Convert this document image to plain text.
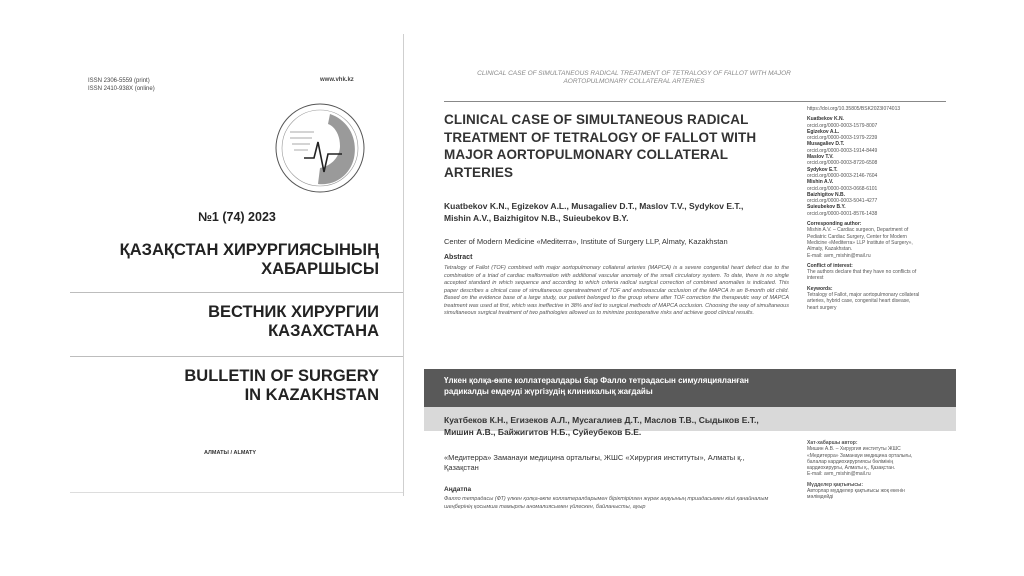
ISSN 2306-5559 (print)
ISSN 2410-938X (online)
www.vhk.kz
№1 (74) 2023
ҚАЗАҚСТАН ХИРУРГИЯСЫНЫҢ
ХАБАРШЫСЫ
ВЕСТНИК ХИРУРГИИ
КАЗАХСТАНА
BULLETIN OF SURGERY
IN KAZAKHSTAN
АЛМАТЫ / ALMATY
CLINICAL CASE OF SIMULTANEOUS RADICAL TREATMENT OF TETRALOGY OF FALLOT WITH MAJOR
AORTOPULMONARY COLLATERAL ARTERIES
CLINICAL CASE OF SIMULTANEOUS RADICAL
TREATMENT OF TETRALOGY OF FALLOT WITH
MAJOR AORTOPULMONARY COLLATERAL
ARTERIES
Kuatbekov K.N., Egizekov A.L., Musagaliev D.T., Maslov T.V., Sydykov E.T.,
Mishin A.V., Baizhigitov N.B., Suieubekov B.Y.
Center of Modern Medicine «Mediterra», Institute of Surgery LLP, Almaty, Kazakhstan
Abstract
Tetralogy of Fallot (TOF) combined with major aortopulmonary collateral arteries (MAPCA) is a severe congenital heart defect due to the combination of a triad of cardiac malformation with additional vascular anomaly of the small circulatory system. To date, there is no single accepted standard in which sequence and according to which criteria radical surgical correction of combined anomalies is indicated. This paper describes a clinical case of simultaneous operatreatment of TOF and endovascular occlusion of the MAPCA in an 8-month old child. Based on the evidence base of a large study, our patient belonged to the group where after TOF correction the therapeutic way of MAPCA treatment was used at first, which was ineffective in 38% and led to surgical methods of MAPCA occlusion. Choosing the way of simultaneous simultaneous surgical treatment of two pathologies allowed us to minimize postoperative risks and achieve good clinical results.
https://doi.org/10.35805/BSK2023I074013
Kuatbekov K.N.
orcid.org/0000-0003-1579-8007
Egizekov A.L.
orcid.org/0000-0003-1979-2239
Musagaliev D.T.
orcid.org/0000-0003-1914-8449
Maslov T.V.
orcid.org/0000-0003-8720-6508
Sydykov E.T.
orcid.org/0000-0003-2146-7604
Mishin A.V.
orcid.org/0000-0003-0668-6101
Baizhigitov N.B.
orcid.org/0000-0003-5041-4277
Suieubekov B.Y.
orcid.org/0000-0001-8576-1438
Corresponding author:
Mishin A.V. – Cardiac surgeon, Department of Pediatric Cardiac Surgery, Center for Modern Medicine «Mediterra» LLP Institute of Surgery», Almaty, Kazakhstan.
E-mail: avm_mishin@mail.ru
Conflict of interest:
The authors declare that they have no conflicts of interest
Keywords:
Tetralogy of Fallot, major aortopulmonary collateral arteries, hybrid case, congenital heart disease, heart surgery
Үлкен қолқа-өкпе коллатералдары бар Фалло тетрадасын симуляцияланған
радикалды емдеуді жүргізудің клиникалық жағдайы
Куатбеков К.Н., Егизеков А.Л., Мусагалиев Д.Т., Маслов Т.В., Сыдыков Е.Т.,
Мишин А.В., Байжигитов Н.Б., Суйеубеков Б.Е.
«Медитерра» Заманауи медицина орталығы, ЖШС «Хирургия институты», Алматы қ.,
Қазақстан
Аңдатпа
Фалло тетрадасы (ФТ) үлкен қолқа-өкпе коллатералдарымен біріктірілген жүрек ақауының триадасымен кіші қанайналым шеңберінің қосымша тамырлы аномалиясымен үйлескен, байланысты, ауыр
Хат-хабаршы автор:
Мишин А.В. – Хирургия институты ЖШС «Медитерра» Заманауи медицина орталығы, балалар кардиохирургиясы бөлімінің кардиохирургы, Алматы қ., Қазақстан.
E-mail: avm_mishin@mail.ru
Мүдделер қақтығысы:
Авторлар мүдделер қақтығысы жоқ екенін мәлімдейді
